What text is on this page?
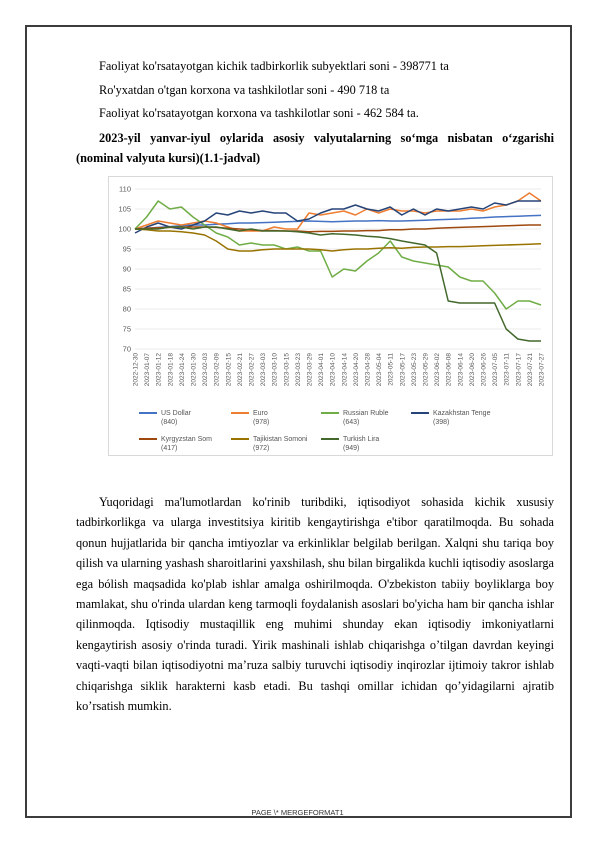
Faoliyat ko'rsatayotgan kichik tadbirkorlik subyektlari soni - 398771 ta
Ro'yxatdan o'tgan korxona va tashkilotlar soni - 490 718 ta
Faoliyat ko'rsatayotgan korxona va tashkilotlar soni - 462 584 ta.
2023-yil yanvar-iyul oylarida asosiy valyutalarning so‘mga nisbatan o‘zgarishi (nominal valyuta kursi)(1.1-jadval)
70
75
80
85
90
95
100
105
110
2022-12-30 2023-01-07 2023-01-12 2023-01-18 2023-01-24 2023-01-30 2023-02-03 2023-02-09 2023-02-15 2023-02-21 2023-02-27 2023-03-03 2023-03-10 2023-03-15 2023-03-23 2023-03-29 2023-04-01 2023-04-10 2023-04-14 2023-04-20 2023-04-28 2023-05-04 2023-05-11 2023-05-17 2023-05-23 2023-05-29 2023-06-02 2023-06-08 2023-06-14 2023-06-20 2023-06-26 2023-07-05 2023-07-11 2023-07-17 2023-07-21 2023-07-27
US Dollar
(840)
Euro
(978)
Russian Ruble
(643)
Kazakhstan Tenge
(398)
Kyrgyzstan Som
(417)
Tajikistan Somoni
(972)
Turkish Lira
(949)
Yuqoridagi ma'lumotlardan ko'rinib turibdiki, iqtisodiyot sohasida kichik xususiy tadbirkorlikga va ularga investitsiya kiritib kengaytirishga e'tibor qaratilmoqda. Bu sohada qonun hujjatlarida bir qancha imtiyozlar va erkinliklar belgilab berilgan. Xalqni shu tariqa boy qilish va ularning yashash sharoitlarini yaxshilash, shu bilan birgalikda kuchli iqtisodiy asoslarga ega bólish maqsadida ko'plab ishlar amalga oshirilmoqda. O'zbekiston tabiiy boyliklarga boy mamlakat, shu o'rinda ulardan keng tarmoqli foydalanish asoslari bo'yicha ham bir qancha ishlar qilinmoqda. Iqtisodiy mustaqillik eng muhimi shunday ekan iqtisodiy imkoniyatlarni kengaytirish asosiy o'rinda turadi. Yirik mashinali ishlab chiqarishga o’tilgan davrdan keyingi vaqti-vaqti bilan iqtisodiyotni ma’ruza salbiy turuvchi iqtisodiy inqirozlar ijtimoiy takror ishlab chiqarishga siklik harakterni kasb etadi. Bu tashqi omillar ichidan qo’yidagilarni ajratib ko’rsatish mumkin.
PAGE \* MERGEFORMAT1
